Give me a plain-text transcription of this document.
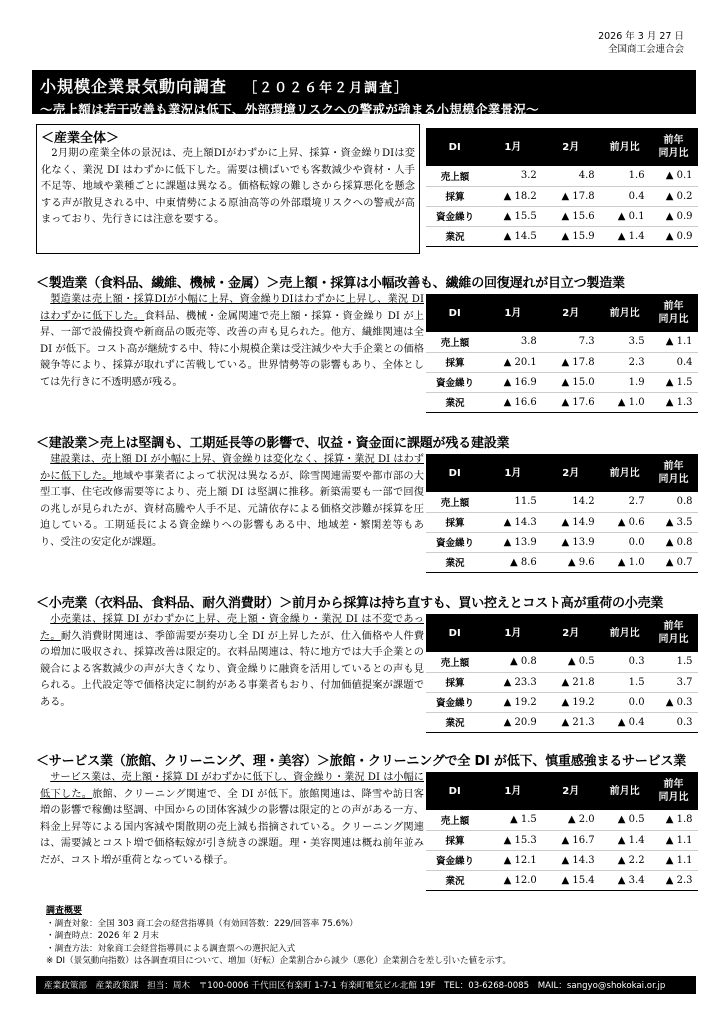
2026 年 3 月 27 日
全国商工会連合会
小規模企業景気動向調査 ［２０２６年２月調査］
～売上額は若干改善も業況は低下、外部環境リスクへの警戒が強まる小規模企業景況～
＜産業全体＞
2月期の産業全体の景況は、売上額DIがわずかに上昇、採算・資金繰りDIは変化なく、業況 DI はわずかに低下した。需要は横ばいでも客数減少や資材・人手不足等、地域や業種ごとに課題は異なる。価格転嫁の難しさから採算悪化を懸念する声が散見される中、中東情勢による原油高等の外部環境リスクへの警戒が高まっており、先行きには注意を要する。
DI	1月	2月	前月比	前年
同月比
売上額	3.2	4.8	1.6	▲ 0.1
採算	▲ 18.2	▲ 17.8	0.4	▲ 0.2
資金繰り	▲ 15.5	▲ 15.6	▲ 0.1	▲ 0.9
業況	▲ 14.5	▲ 15.9	▲ 1.4	▲ 0.9
＜製造業（食料品、繊維、機械・金属）＞売上額・採算は小幅改善も、繊維の回復遅れが目立つ製造業
製造業は売上額・採算DIが小幅に上昇、資金繰りDIはわずかに上昇し、業況 DI はわずかに低下した。食料品、機械・金属関連で売上額・採算・資金繰り DI が上昇、一部で設備投資や新商品の販売等、改善の声も見られた。他方、繊維関連は全 DI が低下。コスト高が継続する中、特に小規模企業は受注減少や大手企業との価格競争等により、採算が取れずに苦戦している。世界情勢等の影響もあり、全体としては先行きに不透明感が残る。
DI	1月	2月	前月比	前年
同月比
売上額	3.8	7.3	3.5	▲ 1.1
採算	▲ 20.1	▲ 17.8	2.3	0.4
資金繰り	▲ 16.9	▲ 15.0	1.9	▲ 1.5
業況	▲ 16.6	▲ 17.6	▲ 1.0	▲ 1.3
＜建設業＞売上は堅調も、工期延長等の影響で、収益・資金面に課題が残る建設業
建設業は、売上額 DI が小幅に上昇、資金繰りは変化なく、採算・業況 DI はわずかに低下した。地域や事業者によって状況は異なるが、除雪関連需要や都市部の大型工事、住宅改修需要等により、売上額 DI は堅調に推移。新築需要も一部で回復の兆しが見られたが、資材高騰や人手不足、元請依存による価格交渉難が採算を圧迫している。工期延長による資金繰りへの影響もある中、地域差・繁閑差等もあり、受注の安定化が課題。
DI	1月	2月	前月比	前年
同月比
売上額	11.5	14.2	2.7	0.8
採算	▲ 14.3	▲ 14.9	▲ 0.6	▲ 3.5
資金繰り	▲ 13.9	▲ 13.9	0.0	▲ 0.8
業況	▲ 8.6	▲ 9.6	▲ 1.0	▲ 0.7
＜小売業（衣料品、食料品、耐久消費財）＞前月から採算は持ち直すも、買い控えとコスト高が重荷の小売業
小売業は、採算 DI がわずかに上昇、売上額・資金繰り・業況 DI は不変であった。耐久消費財関連は、季節需要が奏功し全 DI が上昇したが、仕入価格や人件費の増加に吸収され、採算改善は限定的。衣料品関連は、特に地方では大手企業との競合による客数減少の声が大きくなり、資金繰りに融資を活用しているとの声も見られる。上代設定等で価格決定に制約がある事業者もおり、付加価値提案が課題である。
DI	1月	2月	前月比	前年
同月比
売上額	▲ 0.8	▲ 0.5	0.3	1.5
採算	▲ 23.3	▲ 21.8	1.5	3.7
資金繰り	▲ 19.2	▲ 19.2	0.0	▲ 0.3
業況	▲ 20.9	▲ 21.3	▲ 0.4	0.3
＜サービス業（旅館、クリーニング、理・美容）＞旅館・クリーニングで全 DI が低下、慎重感強まるサービス業
サービス業は、売上額・採算 DI がわずかに低下し、資金繰り・業況 DI は小幅に低下した。旅館、クリーニング関連で、全 DI が低下。旅館関連は、降雪や訪日客増の影響で稼働は堅調、中国からの団体客減少の影響は限定的との声がある一方、料金上昇等による国内客減や閑散期の売上減も指摘されている。クリーニング関連は、需要減とコスト増で価格転嫁が引き続きの課題。理・美容関連は概ね前年並みだが、コスト増が重荷となっている様子。
DI	1月	2月	前月比	前年
同月比
売上額	▲ 1.5	▲ 2.0	▲ 0.5	▲ 1.8
採算	▲ 15.3	▲ 16.7	▲ 1.4	▲ 1.1
資金繰り	▲ 12.1	▲ 14.3	▲ 2.2	▲ 1.1
業況	▲ 12.0	▲ 15.4	▲ 3.4	▲ 2.3
調査概要
・調査対象：全国 303 商工会の経営指導員（有効回答数：229/回答率 75.6%）
・調査時点：2026 年 2 月末
・調査方法：対象商工会経営指導員による調査票への選択記入式
※ DI（景気動向指数）は各調査項目について、増加（好転）企業割合から減少（悪化）企業割合を差し引いた値を示す。
産業政策部　産業政策課　担当：周木　〒100-0006 千代田区有楽町 1-7-1 有楽町電気ビル北館 19F　TEL：03-6268-0085　MAIL：sangyo@shokokai.or.jp
